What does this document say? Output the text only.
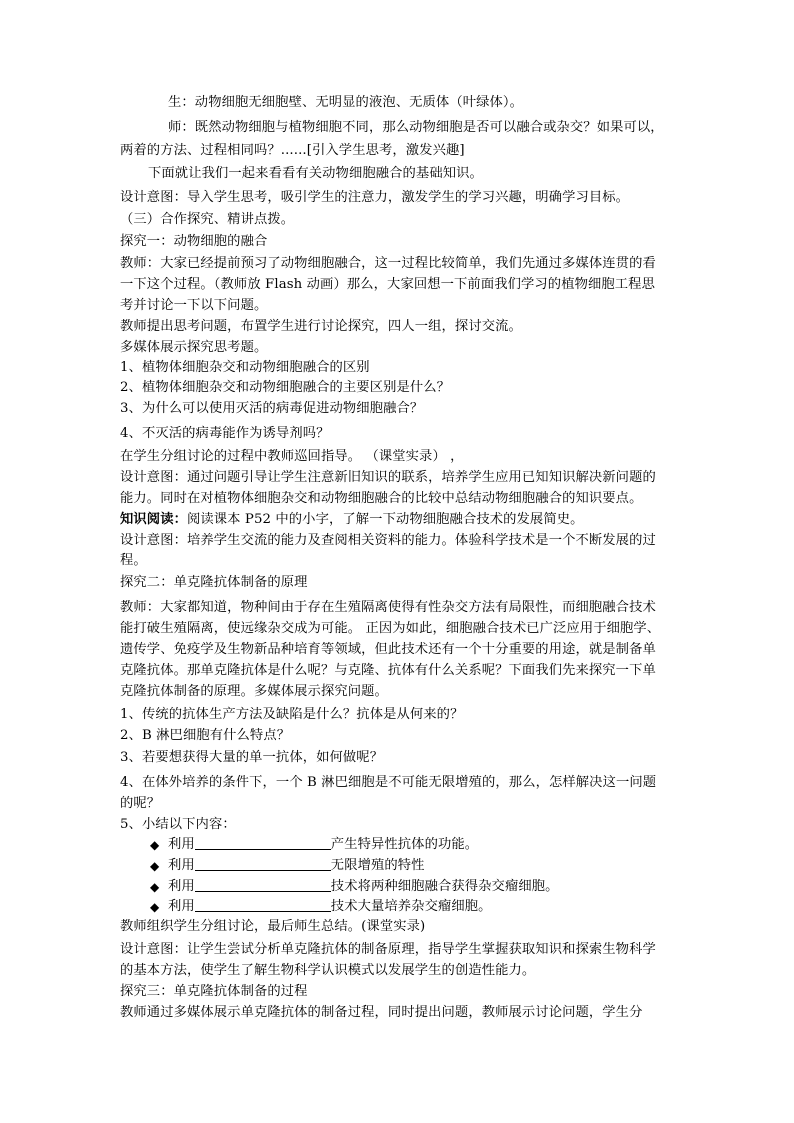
生：动物细胞无细胞壁、无明显的液泡、无质体（叶绿体）。
师：既然动物细胞与植物细胞不同，那么动物细胞是否可以融合或杂交？如果可以，
两着的方法、过程相同吗？......[引入学生思考，激发兴趣]
下面就让我们一起来看看有关动物细胞融合的基础知识。
设计意图：导入学生思考，吸引学生的注意力，激发学生的学习兴趣，明确学习目标。
（三）合作探究、精讲点拨。
探究一：动物细胞的融合
教师：大家已经提前预习了动物细胞融合，这一过程比较简单，我们先通过多媒体连贯的看
一下这个过程。（教师放 Flash 动画）那么，大家回想一下前面我们学习的植物细胞工程思
考并讨论一下以下问题。
教师提出思考问题，布置学生进行讨论探究，四人一组，探讨交流。
多媒体展示探究思考题。
1、植物体细胞杂交和动物细胞融合的区别
2、植物体细胞杂交和动物细胞融合的主要区别是什么？
3、为什么可以使用灭活的病毒促进动物细胞融合？
4、不灭活的病毒能作为诱导剂吗？
在学生分组讨论的过程中教师巡回指导。 （课堂实录） ，
设计意图：通过问题引导让学生注意新旧知识的联系，培养学生应用已知知识解决新问题的
能力。同时在对植物体细胞杂交和动物细胞融合的比较中总结动物细胞融合的知识要点。
知识阅读：阅读课本 P52 中的小字，了解一下动物细胞融合技术的发展简史。
设计意图：培养学生交流的能力及查阅相关资料的能力。体验科学技术是一个不断发展的过
程。
探究二：单克隆抗体制备的原理
教师：大家都知道，物种间由于存在生殖隔离使得有性杂交方法有局限性，而细胞融合技术
能打破生殖隔离，使远缘杂交成为可能。 正因为如此，细胞融合技术已广泛应用于细胞学、
遗传学、免疫学及生物新品种培育等领域，但此技术还有一个十分重要的用途，就是制备单
克隆抗体。那单克隆抗体是什么呢？与克隆、抗体有什么关系呢？下面我们先来探究一下单
克隆抗体制备的原理。多媒体展示探究问题。
1、传统的抗体生产方法及缺陷是什么？抗体是从何来的？
2、B 淋巴细胞有什么特点？
3、若要想获得大量的单一抗体，如何做呢？
4、在体外培养的条件下，一个 B 淋巴细胞是不可能无限增殖的，那么，怎样解决这一问题
的呢？
5、小结以下内容：
◆ 利用	产生特异性抗体的功能。
◆ 利用	无限增殖的特性
◆ 利用	技术将两种细胞融合获得杂交瘤细胞。
◆ 利用	技术大量培养杂交瘤细胞。
教师组织学生分组讨论，最后师生总结。(课堂实录)
设计意图：让学生尝试分析单克隆抗体的制备原理，指导学生掌握获取知识和探索生物科学
的基本方法，使学生了解生物科学认识模式以发展学生的创造性能力。
探究三：单克隆抗体制备的过程
教师通过多媒体展示单克隆抗体的制备过程，同时提出问题，教师展示讨论问题，学生分
